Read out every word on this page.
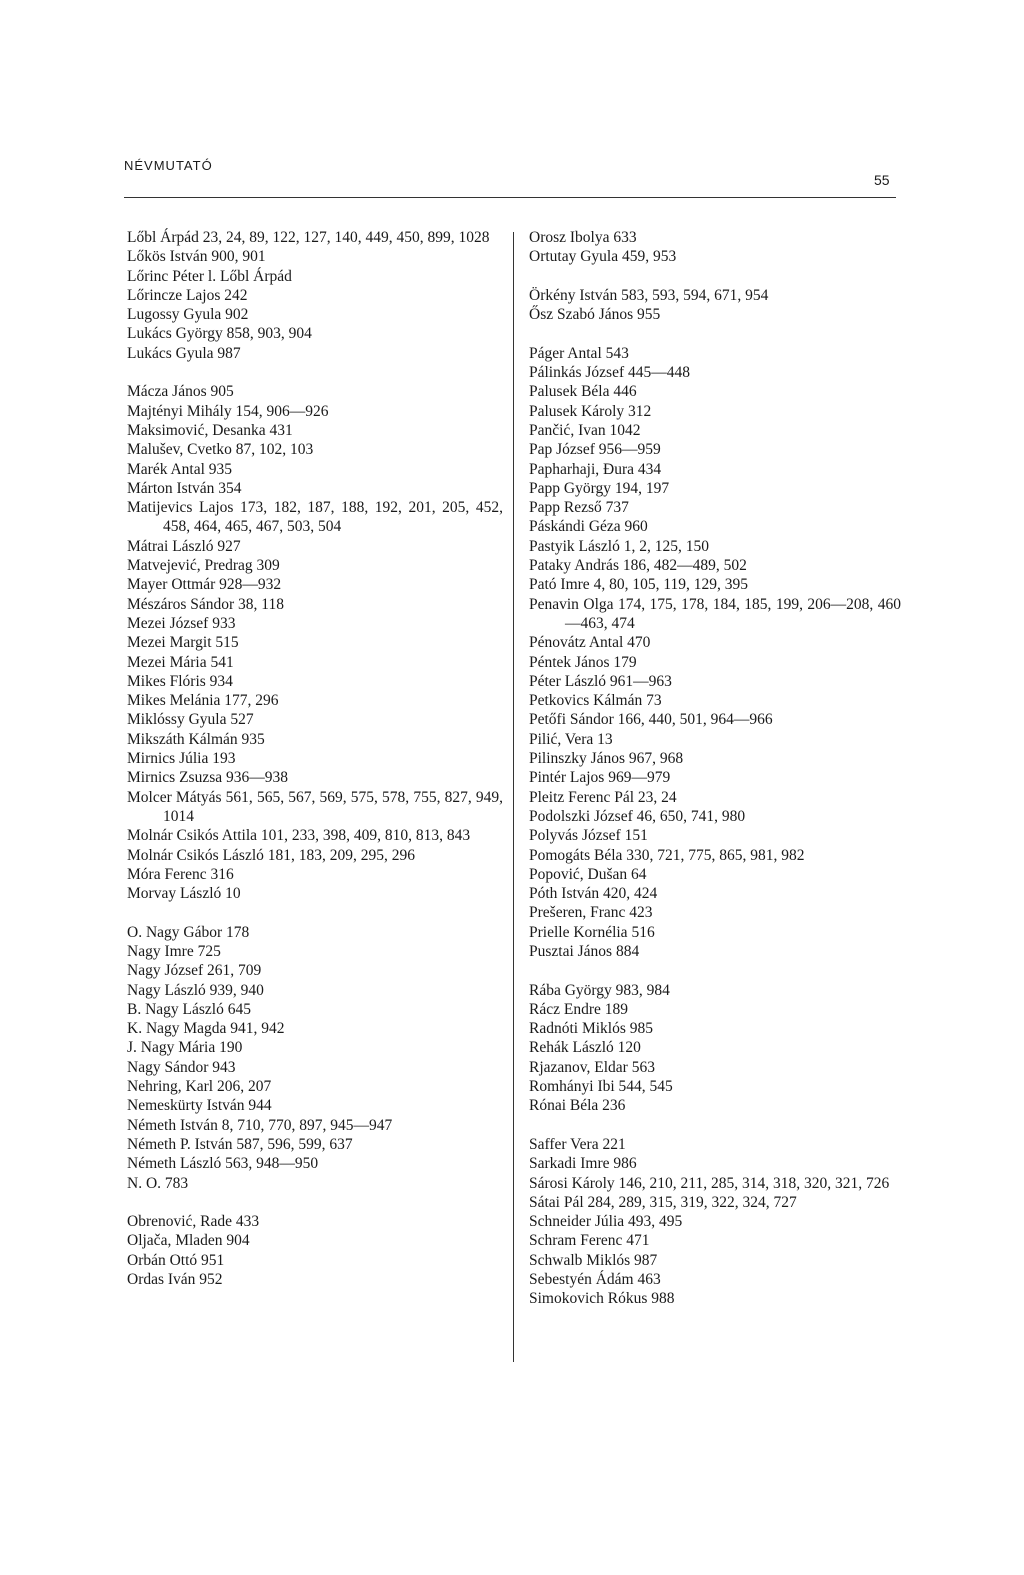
NÉVMUTATÓ
55

Lőbl Árpád 23, 24, 89, 122, 127, 140, 449, 450, 899, 1028

Lőkös István 900, 901

Lőrinc Péter l. Lőbl Árpád

Lőrincze Lajos 242

Lugossy Gyula 902

Lukács György 858, 903, 904

Lukács Gyula 987

Mácza János 905

Majtényi Mihály 154, 906—926

Maksimović, Desanka 431

Malušev, Cvetko 87, 102, 103

Marék Antal 935

Márton István 354

Matijevics Lajos 173, 182, 187, 188, 192, 201, 205, 452, 458, 464, 465, 467, 503, 504

Mátrai László 927

Matvejević, Predrag 309

Mayer Ottmár 928—932

Mészáros Sándor 38, 118

Mezei József 933

Mezei Margit 515

Mezei Mária 541

Mikes Flóris 934

Mikes Melánia 177, 296

Miklóssy Gyula 527

Mikszáth Kálmán 935

Mirnics Júlia 193

Mirnics Zsuzsa 936—938

Molcer Mátyás 561, 565, 567, 569, 575, 578, 755, 827, 949, 1014

Molnár Csikós Attila 101, 233, 398, 409, 810, 813, 843

Molnár Csikós László 181, 183, 209, 295, 296

Móra Ferenc 316

Morvay László 10

O. Nagy Gábor 178

Nagy Imre 725

Nagy József 261, 709

Nagy László 939, 940

B. Nagy László 645

K. Nagy Magda 941, 942

J. Nagy Mária 190

Nagy Sándor 943

Nehring, Karl 206, 207

Nemeskürty István 944

Németh István 8, 710, 770, 897, 945—947

Németh P. István 587, 596, 599, 637

Németh László 563, 948—950

N. O. 783

Obrenović, Rade 433

Oljača, Mladen 904

Orbán Ottó 951

Ordas Iván 952

Orosz Ibolya 633

Ortutay Gyula 459, 953

Örkény István 583, 593, 594, 671, 954

Ősz Szabó János 955

Páger Antal 543

Pálinkás József 445—448

Palusek Béla 446

Palusek Károly 312

Pančić, Ivan 1042

Pap József 956—959

Papharhaji, Đura 434

Papp György 194, 197

Papp Rezső 737

Páskándi Géza 960

Pastyik László 1, 2, 125, 150

Pataky András 186, 482—489, 502

Pató Imre 4, 80, 105, 119, 129, 395

Penavin Olga 174, 175, 178, 184, 185, 199, 206—208, 460—463, 474

Pénovátz Antal 470

Péntek János 179

Péter László 961—963

Petkovics Kálmán 73

Petőfi Sándor 166, 440, 501, 964—966

Pilić, Vera 13

Pilinszky János 967, 968

Pintér Lajos 969—979

Pleitz Ferenc Pál 23, 24

Podolszki József 46, 650, 741, 980

Polyvás József 151

Pomogáts Béla 330, 721, 775, 865, 981, 982

Popović, Dušan 64

Póth István 420, 424

Prešeren, Franc 423

Prielle Kornélia 516

Pusztai János 884

Rába György 983, 984

Rácz Endre 189

Radnóti Miklós 985

Rehák László 120

Rjazanov, Eldar 563

Romhányi Ibi 544, 545

Rónai Béla 236

Saffer Vera 221

Sarkadi Imre 986

Sárosi Károly 146, 210, 211, 285, 314, 318, 320, 321, 726

Sátai Pál 284, 289, 315, 319, 322, 324, 727

Schneider Júlia 493, 495

Schram Ferenc 471

Schwalb Miklós 987

Sebestyén Ádám 463

Simokovich Rókus 988
